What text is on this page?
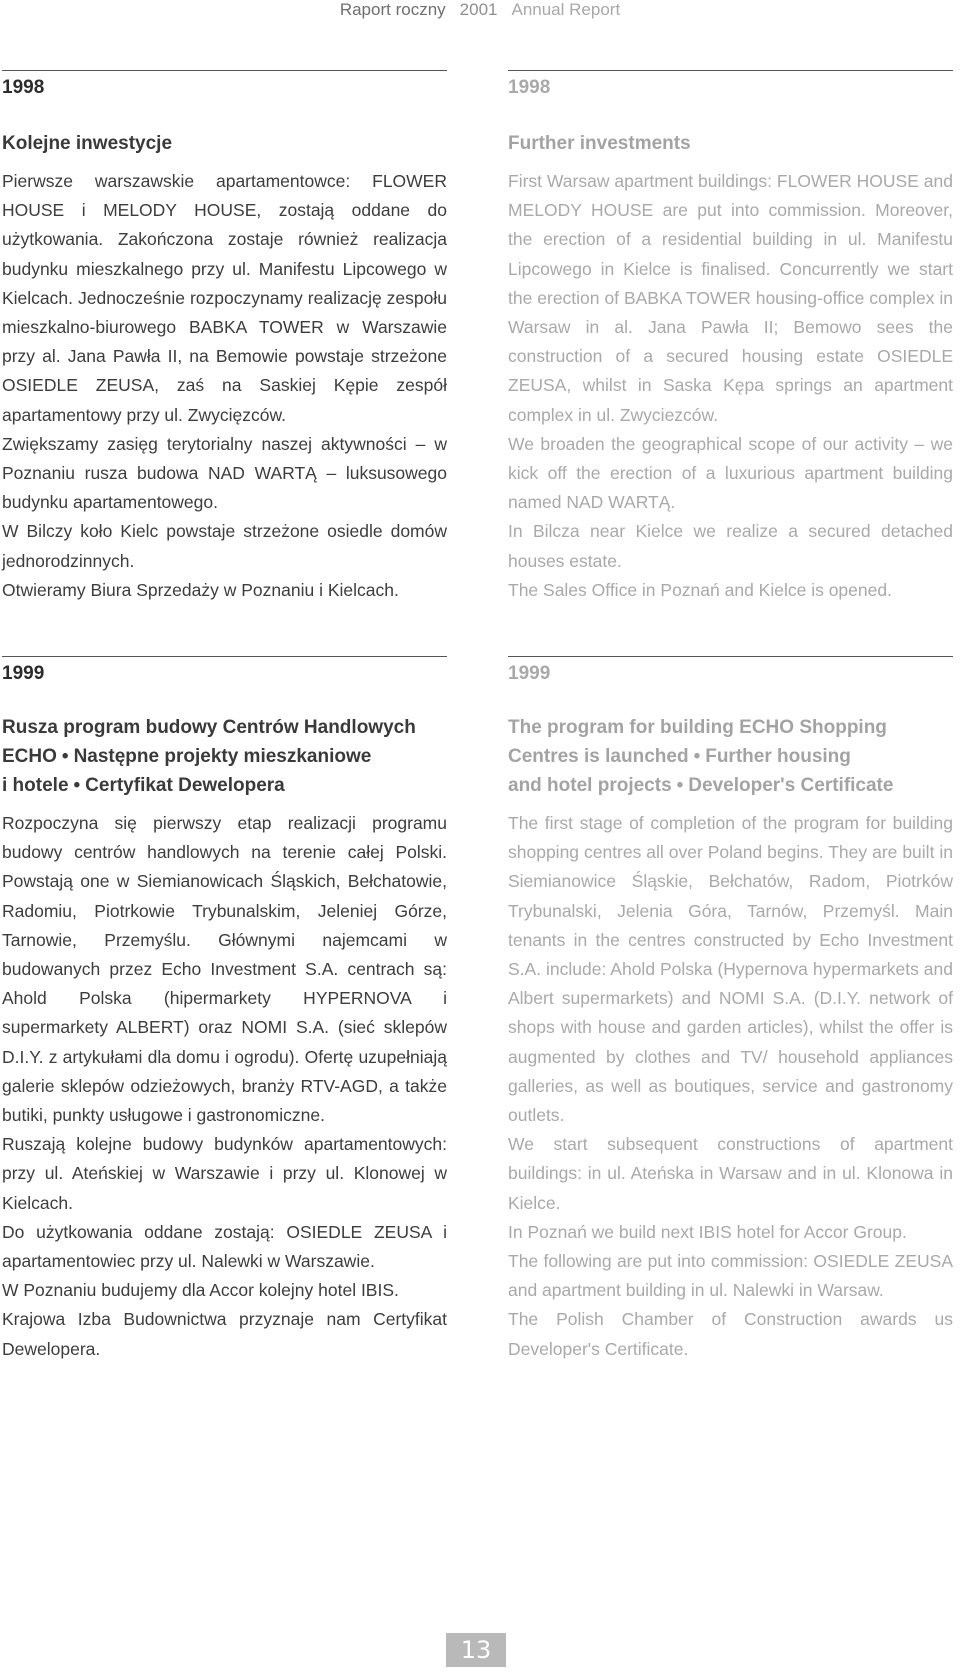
Raport roczny 2001 Annual Report

1998

Kolejne inwestycje

Pierwsze warszawskie apartamentowce: FLOWER HOUSE i MELODY HOUSE, zostają oddane do użytkowania. Zakończona zostaje również realizacja budynku mieszkalnego przy ul. Manifestu Lipcowego w Kielcach. Jednocześnie rozpoczynamy realizację zespołu mieszkalno-biurowego BABKA TOWER w Warszawie przy al. Jana Pawła II, na Bemowie powstaje strzeżone OSIEDLE ZEUSA, zaś na Saskiej Kępie zespół apartamentowy przy ul. Zwycięzców.

Zwiększamy zasięg terytorialny naszej aktywności – w Poznaniu rusza budowa NAD WARTĄ – luksusowego budynku apartamentowego.

W Bilczy koło Kielc powstaje strzeżone osiedle domów jednorodzinnych.

Otwieramy Biura Sprzedaży w Poznaniu i Kielcach.

1998

Further investments

First Warsaw apartment buildings: FLOWER HOUSE and MELODY HOUSE are put into commission. Moreover, the erection of a residential building in ul. Manifestu Lipcowego in Kielce is finalised. Concurrently we start the erection of BABKA TOWER housing-office complex in Warsaw in al. Jana Pawła II; Bemowo sees the construction of a secured housing estate OSIEDLE ZEUSA, whilst in Saska Kępa springs an apartment complex in ul. Zwyciezców.

We broaden the geographical scope of our activity – we kick off the erection of a luxurious apartment building named NAD WARTĄ.

In Bilcza near Kielce we realize a secured detached houses estate.

The Sales Office in Poznań and Kielce is opened.

1999

Rusza program budowy Centrów Handlowych
ECHO • Następne projekty mieszkaniowe
i hotele • Certyfikat Dewelopera

Rozpoczyna się pierwszy etap realizacji programu budowy centrów handlowych na terenie całej Polski. Powstają one w Siemianowicach Śląskich, Bełchatowie, Radomiu, Piotrkowie Trybunalskim, Jeleniej Górze, Tarnowie, Przemyślu. Głównymi najemcami w budowanych przez Echo Investment S.A. centrach są: Ahold Polska (hipermarkety HYPERNOVA i supermarkety ALBERT) oraz NOMI S.A. (sieć sklepów D.I.Y. z artykułami dla domu i ogrodu). Ofertę uzupełniają galerie sklepów odzieżowych, branży RTV-AGD, a także butiki, punkty usługowe i gastronomiczne.

Ruszają kolejne budowy budynków apartamentowych: przy ul. Ateńskiej w Warszawie i przy ul. Klonowej w Kielcach.

Do użytkowania oddane zostają: OSIEDLE ZEUSA i apartamentowiec przy ul. Nalewki w Warszawie.

W Poznaniu budujemy dla Accor kolejny hotel IBIS.

Krajowa Izba Budownictwa przyznaje nam Certyfikat Dewelopera.

1999

The program for building ECHO Shopping
Centres is launched • Further housing
and hotel projects • Developer's Certificate

The first stage of completion of the program for building shopping centres all over Poland begins. They are built in Siemianowice Śląskie, Bełchatów, Radom, Piotrków Trybunalski, Jelenia Góra, Tarnów, Przemyśl. Main tenants in the centres constructed by Echo Investment S.A. include: Ahold Polska (Hypernova hypermarkets and Albert supermarkets) and NOMI S.A. (D.I.Y. network of shops with house and garden articles), whilst the offer is augmented by clothes and TV/ household appliances galleries, as well as boutiques, service and gastronomy outlets.

We start subsequent constructions of apartment buildings: in ul. Ateńska in Warsaw and in ul. Klonowa in Kielce.

In Poznań we build next IBIS hotel for Accor Group.

The following are put into commission: OSIEDLE ZEUSA and apartment building in ul. Nalewki in Warsaw.

The Polish Chamber of Construction awards us Developer's Certificate.

13
